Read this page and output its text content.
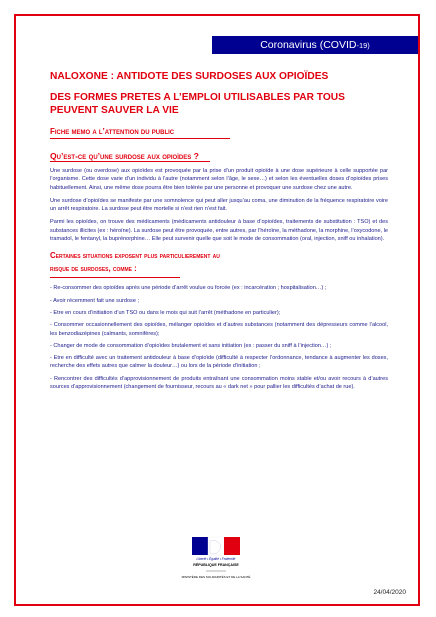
Coronavirus (COVID-19)

NALOXONE : ANTIDOTE DES SURDOSES AUX OPIOÏDES

DES FORMES PRETES A L’EMPLOI UTILISABLES PAR TOUS PEUVENT SAUVER LA VIE

Fiche memo a l’attention du public

Qu’est-ce qu’une surdose aux opioïdes ?

Une surdose (ou overdose) aux opioïdes est provoquée par la prise d’un produit opioïde à une dose supérieure à celle supportée par l’organisme. Cette dose varie d’un individu à l’autre (notamment selon l’âge, le sexe…) et selon les éventuelles doses d’opioïdes prises habituellement. Ainsi, une même dose pourra être bien tolérée par une personne et provoquer une surdose chez une autre.

Une surdose d’opioïdes se manifeste par une somnolence qui peut aller jusqu’au coma, une diminution de la fréquence respiratoire voire un arrêt respiratoire. La surdose peut être mortelle si n’est rien n’est fait.

Parmi les opioïdes, on trouve des médicaments (médicaments antidouleur à base d’opioïdes, traitements de substitution : TSO) et des substances illicites (ex : héroïne). La surdose peut être provoquée, entre autres, par l’héroïne, la méthadone, la morphine, l’oxycodone, le tramadol, le fentanyl, la buprénorphine… Elle peut survenir quelle que soit le mode de consommation (oral, injection, sniff ou inhalation).

Certaines situations exposent plus particulierement au

risque de surdoses, comme :

- Re-consommer des opioïdes après une période d’arrêt voulue ou forcée (ex : incarcération ; hospitalisation…) ;

- Avoir récemment fait une surdose ;

- Etre en cours d’initiation d’un TSO ou dans le mois qui suit l’arrêt (méthadone en particulier);

- Consommer occasionnellement des opioïdes, mélanger opioïdes et d’autres substances (notamment des dépresseurs comme l’alcool, les benzodiazépines (calmants, somnifères);

- Changer de mode de consommation d’opioïdes brutalement et sans initiation (ex : passer du sniff à l’injection…) ;

- Etre en difficulté avec un traitement antidouleur à base d’opioïde (difficulté à respecter l’ordonnance, tendance à augmenter les doses, recherche des effets autres que calmer la douleur…) ou lors de la période d’initiation ;

- Rencontrer des difficultés d’approvisionnement de produits entraînant une consommation moins stable et/ou avoir recours à d’autres sources d’approvisionnement (changement de fournisseur, recours au « dark net » pour pallier les difficultés d’achat de rue).

Liberté • Égalité • Fraternité
RÉPUBLIQUE FRANÇAISE
MINISTÈRE DES SOLIDARITÉS ET DE LA SANTÉ
24/04/2020
